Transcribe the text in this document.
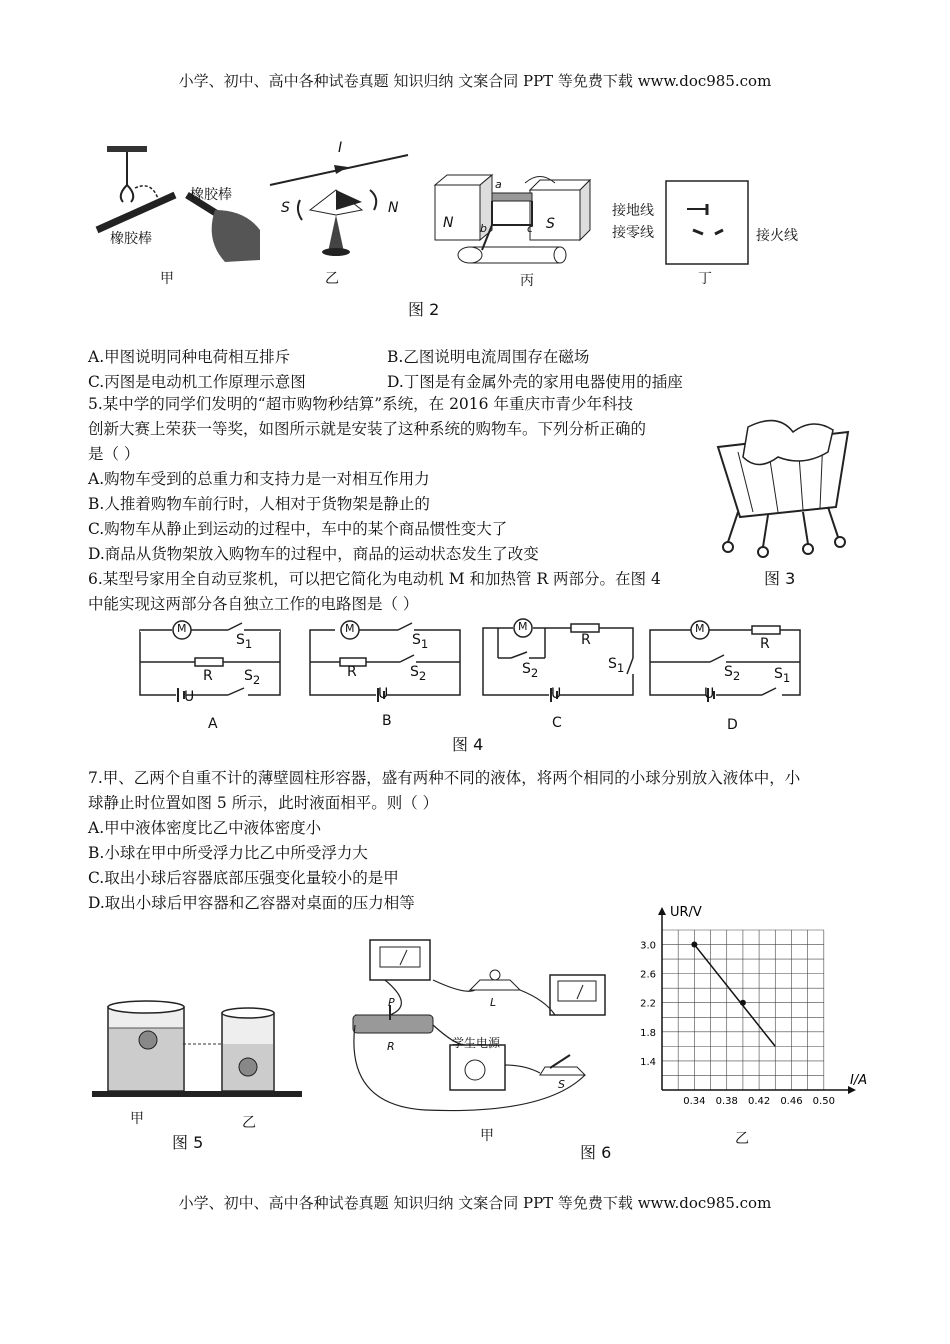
小学、初中、高中各种试卷真题 知识归纳 文案合同 PPT 等免费下载 www.doc985.com
橡胶棒
橡胶棒
甲
I
S	N
乙
N	S
a
b	c
丙
接地线
接零线	接火线
丁
图 2
A.甲图说明同种电荷相互排斥	B.乙图说明电流周围存在磁场
C.丙图是电动机工作原理示意图	D.丁图是有金属外壳的家用电器使用的插座
5.某中学的同学们发明的“超市购物秒结算”系统，在 2016 年重庆市青少年科技
创新大赛上荣获一等奖，如图所示就是安装了这种系统的购物车。下列分析正确的
是（ ）
A.购物车受到的总重力和支持力是一对相互作用力
B.人推着购物车前行时，人相对于货物架是静止的
C.购物车从静止到运动的过程中，车中的某个商品惯性变大了
D.商品从货物架放入购物车的过程中，商品的运动状态发生了改变
图 3
6.某型号家用全自动豆浆机，可以把它简化为电动机 M 和加热管 R 两部分。在图 4
中能实现这两部分各自独立工作的电路图是（ ）
M
$S_1$
R $S_2$
U
A
M
$S_1$
R	$S_2$
U
B
M
R
$S_2$
$S_1$
U
C
M
R
$S_2$ $S_1$
U
D
图 4
7.甲、乙两个自重不计的薄壁圆柱形容器，盛有两种不同的液体，将两个相同的小球分别放入液体中，小
球静止时位置如图 5 所示，此时液面相平。则（ ）
A.甲中液体密度比乙中液体密度小
B.小球在甲中所受浮力比乙中所受浮力大
C.取出小球后容器底部压强变化量较小的是甲
D.取出小球后甲容器和乙容器对桌面的压力相等
甲	乙
图 5
P
R
L
S
学生电源
甲
图 6
0.34 0.38 0.42 0.46 0.50
3.0
2.6
2.2
1.8
1.4
UR/V
I/A
乙
小学、初中、高中各种试卷真题 知识归纳 文案合同 PPT 等免费下载 www.doc985.com
